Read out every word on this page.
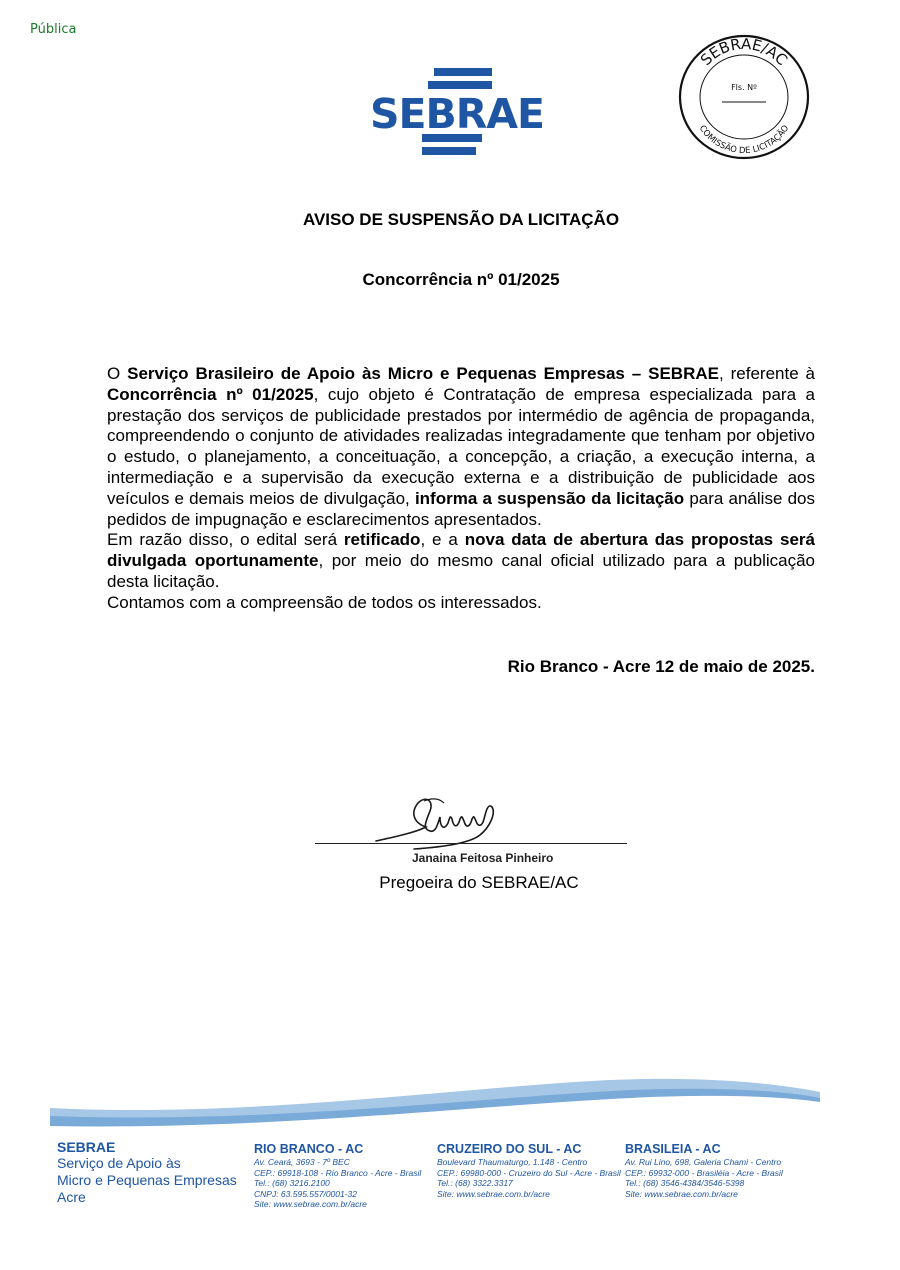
Pública
SEBRAE
SEBRAE/AC
Fls. Nº
COMISSÃO DE LICITAÇÃO
AVISO DE SUSPENSÃO DA LICITAÇÃO
Concorrência nº 01/2025

O Serviço Brasileiro de Apoio às Micro e Pequenas Empresas – SEBRAE, referente à Concorrência nº 01/2025, cujo objeto é Contratação de empresa especializada para a prestação dos serviços de publicidade prestados por intermédio de agência de propaganda, compreendendo o conjunto de atividades realizadas integradamente que tenham por objetivo o estudo, o planejamento, a conceituação, a concepção, a criação, a execução interna, a intermediação e a supervisão da execução externa e a distribuição de publicidade aos veículos e demais meios de divulgação, informa a suspensão da licitação para análise dos pedidos de impugnação e esclarecimentos apresentados.

Em razão disso, o edital será retificado, e a nova data de abertura das propostas será divulgada oportunamente, por meio do mesmo canal oficial utilizado para a publicação desta licitação.

Contamos com a compreensão de todos os interessados.

Rio Branco - Acre 12 de maio de 2025.
Janaina Feitosa Pinheiro
Pregoeira do SEBRAE/AC
SEBRAE
Serviço de Apoio às
Micro e Pequenas Empresas
Acre
RIO BRANCO - AC
Av. Ceará, 3693 - 7º BEC
CEP.: 69918-108 - Rio Branco - Acre - Brasil
Tel.: (68) 3216.2100
CNPJ: 63.595.557/0001-32
Site: www.sebrae.com.br/acre
CRUZEIRO DO SUL - AC
Boulevard Thaumaturgo, 1.148 - Centro
CEP.: 69980-000 - Cruzeiro do Sul - Acre - Brasil
Tel.: (68) 3322.3317
Site: www.sebrae.com.br/acre
BRASILEIA - AC
Av. Rui Lino, 698, Galeria Chami - Centro
CEP.: 69932-000 - Brasiléia - Acre - Brasil
Tel.: (68) 3546-4384/3546-5398
Site: www.sebrae.com.br/acre
